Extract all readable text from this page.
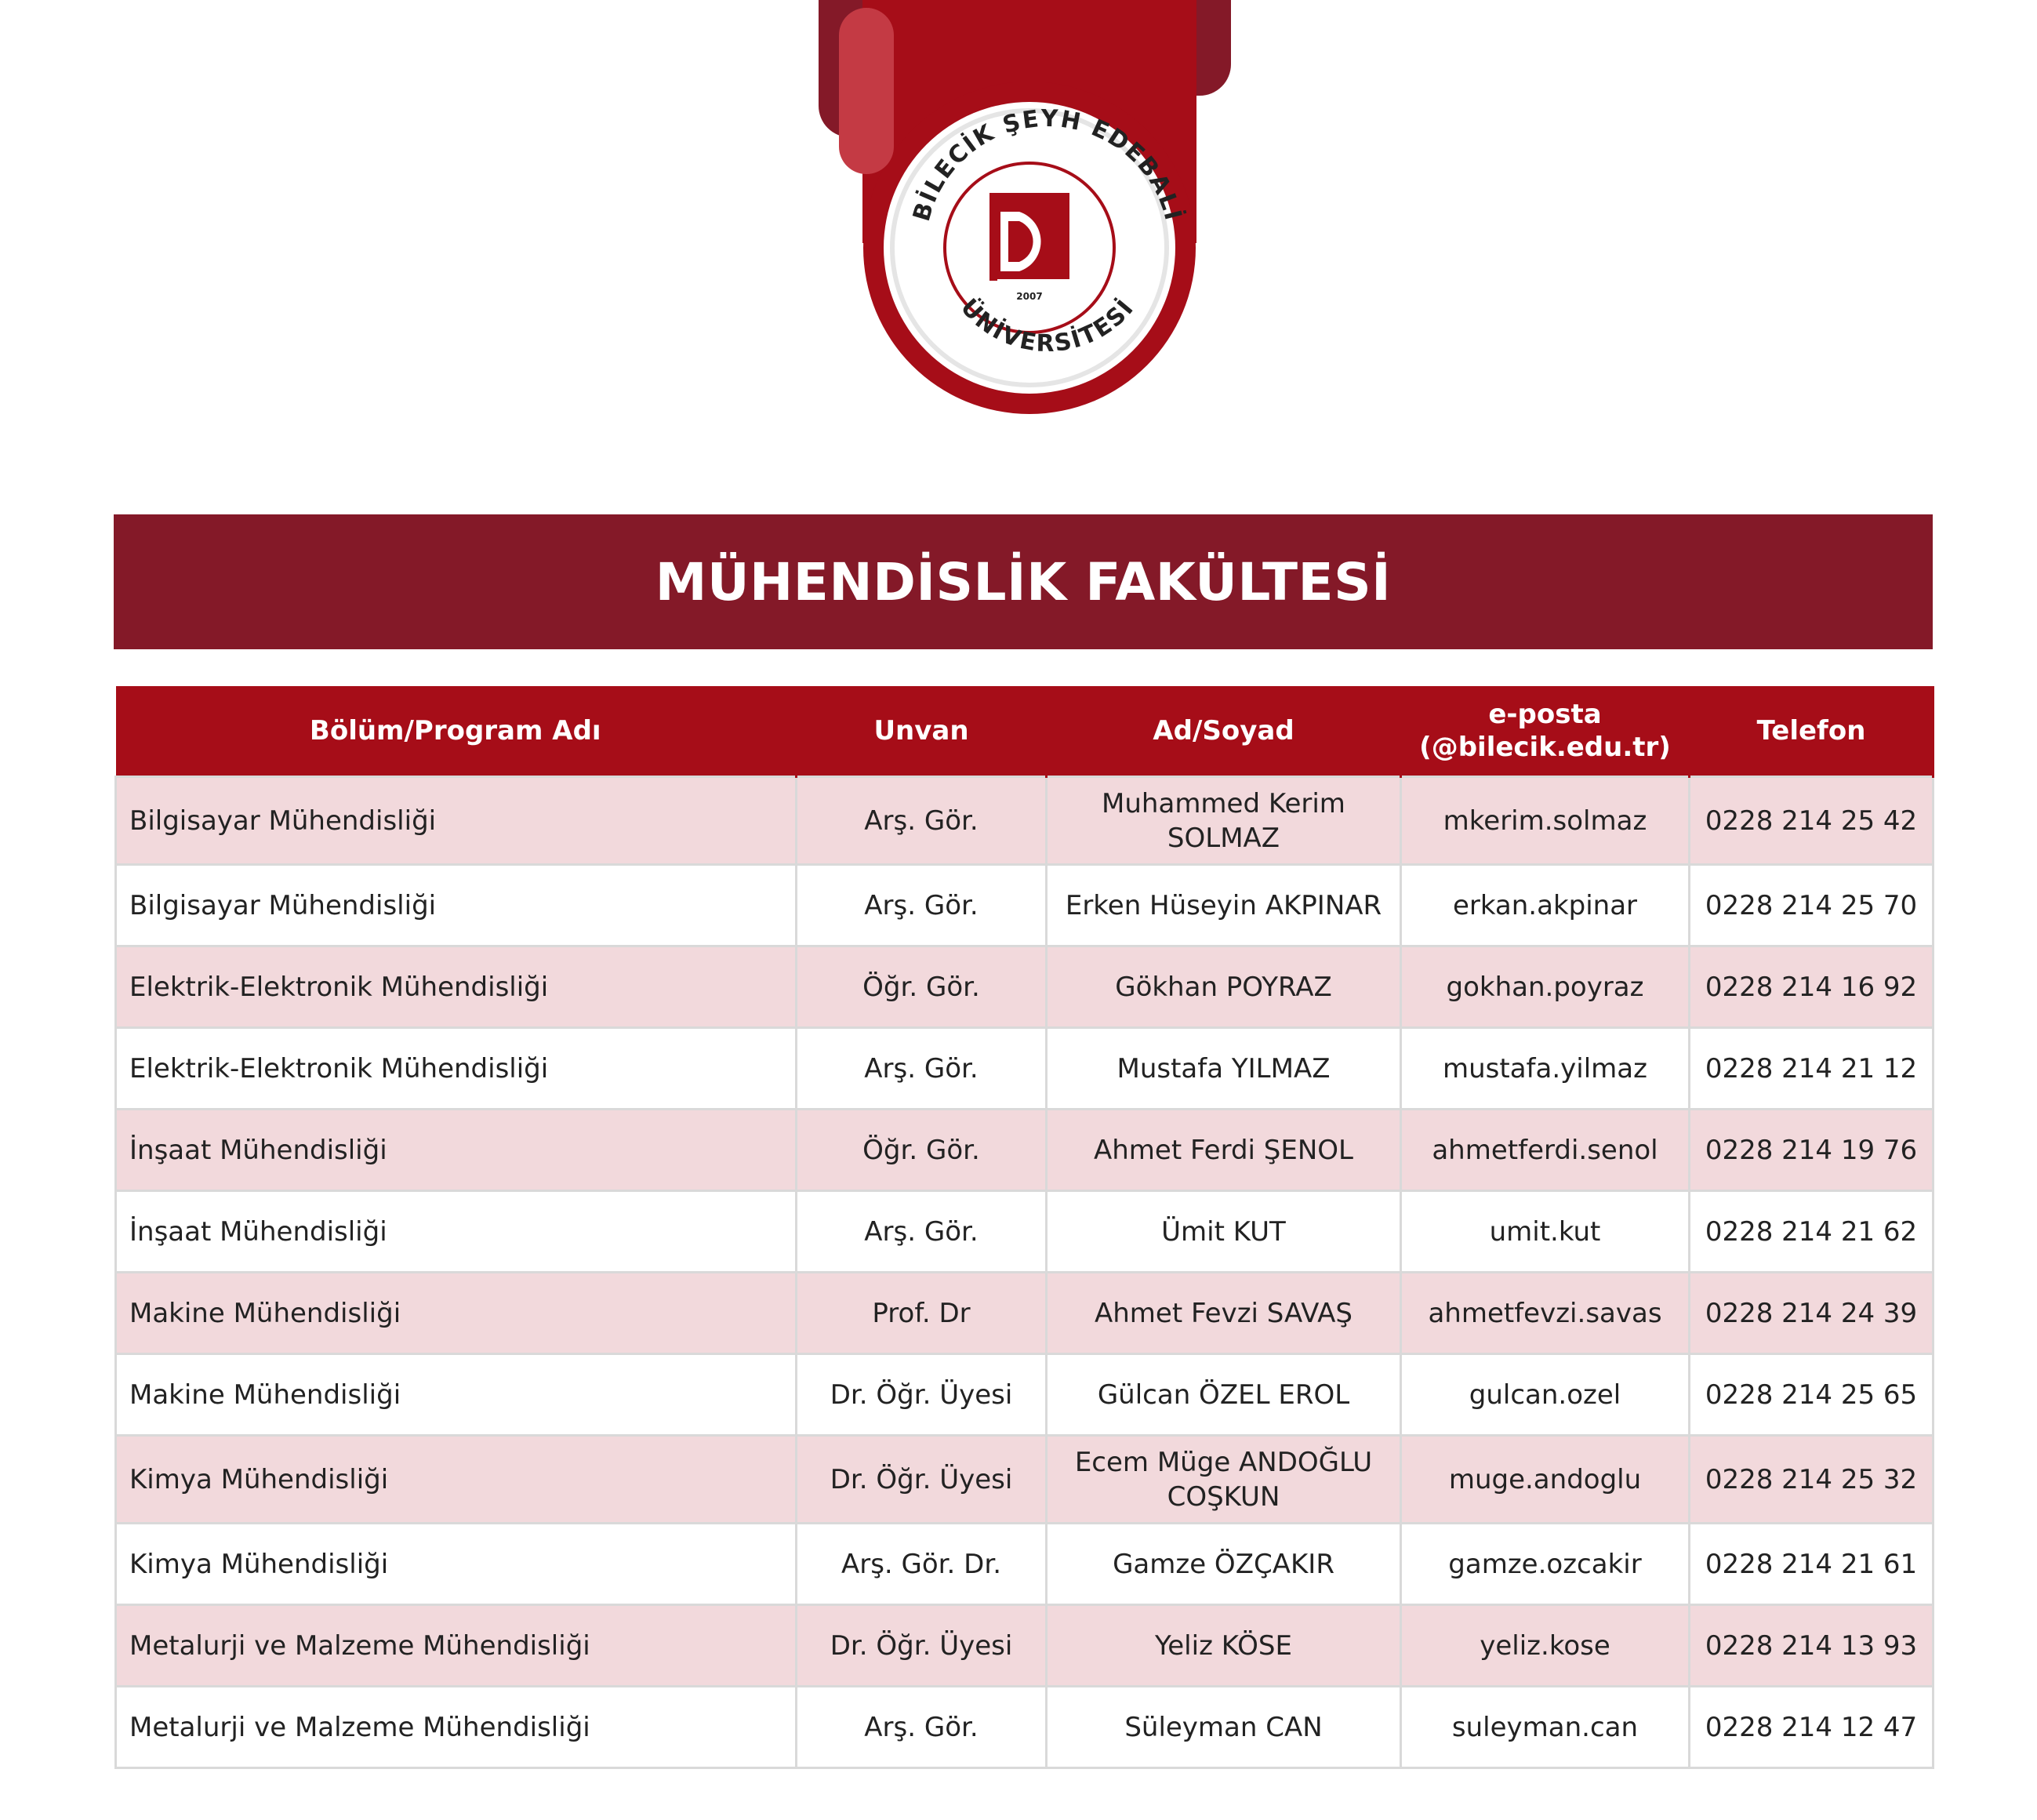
BİLECİK ŞEYH EDEBALİ
ÜNİVERSİTESİ
2007
MÜHENDİSLİK FAKÜLTESİ
Bölüm/Program Adı	Unvan	Ad/Soyad	e-posta
(@bilecik.edu.tr)	Telefon
Bilgisayar Mühendisliği	Arş. Gör.	Muhammed Kerim
SOLMAZ	mkerim.solmaz	0228 214 25 42
Bilgisayar Mühendisliği	Arş. Gör.	Erken Hüseyin AKPINAR	erkan.akpinar	0228 214 25 70
Elektrik-Elektronik Mühendisliği	Öğr. Gör.	Gökhan POYRAZ	gokhan.poyraz	0228 214 16 92
Elektrik-Elektronik Mühendisliği	Arş. Gör.	Mustafa YILMAZ	mustafa.yilmaz	0228 214 21 12
İnşaat Mühendisliği	Öğr. Gör.	Ahmet Ferdi ŞENOL	ahmetferdi.senol	0228 214 19 76
İnşaat Mühendisliği	Arş. Gör.	Ümit KUT	umit.kut	0228 214 21 62
Makine Mühendisliği	Prof. Dr	Ahmet Fevzi SAVAŞ	ahmetfevzi.savas	0228 214 24 39
Makine Mühendisliği	Dr. Öğr. Üyesi	Gülcan ÖZEL EROL	gulcan.ozel	0228 214 25 65
Kimya Mühendisliği	Dr. Öğr. Üyesi	Ecem Müge ANDOĞLU
COŞKUN	muge.andoglu	0228 214 25 32
Kimya Mühendisliği	Arş. Gör. Dr.	Gamze ÖZÇAKIR	gamze.ozcakir	0228 214 21 61
Metalurji ve Malzeme Mühendisliği	Dr. Öğr. Üyesi	Yeliz KÖSE	yeliz.kose	0228 214 13 93
Metalurji ve Malzeme Mühendisliği	Arş. Gör.	Süleyman CAN	suleyman.can	0228 214 12 47
